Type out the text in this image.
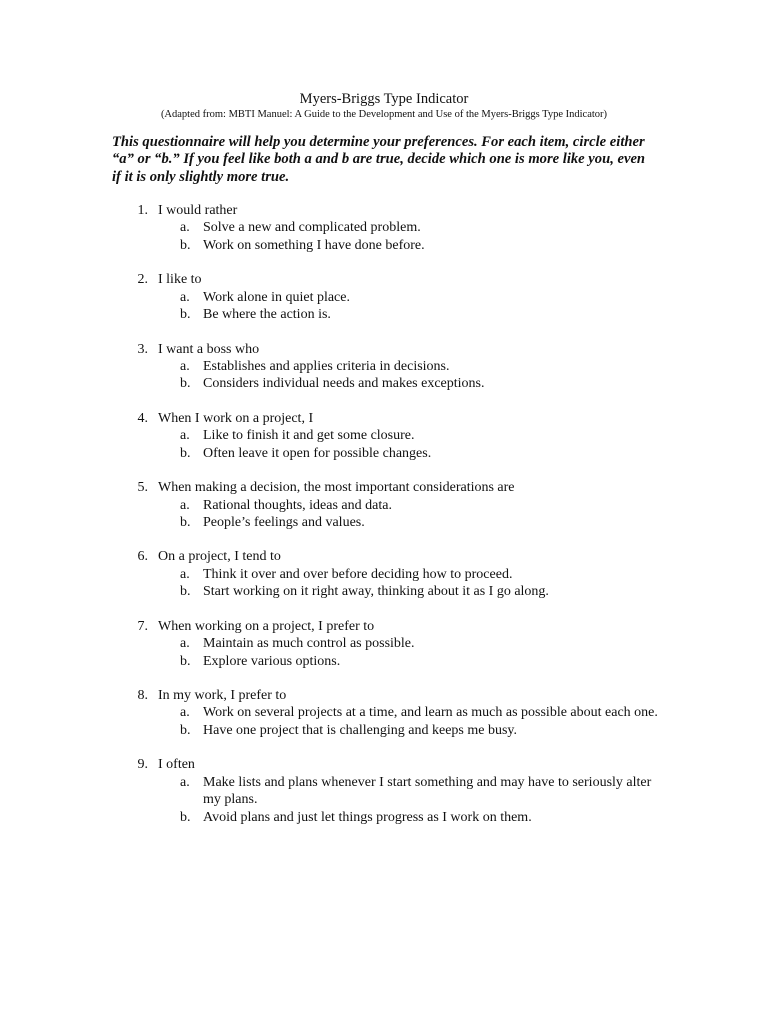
Myers-Briggs Type Indicator
(Adapted from: MBTI Manuel: A Guide to the Development and Use of the Myers-Briggs Type Indicator)
This questionnaire will help you determine your preferences. For each item, circle either “a” or “b.” If you feel like both a and b are true, decide which one is more like you, even if it is only slightly more true.
1. I would rather
a. Solve a new and complicated problem.
b. Work on something I have done before.
2. I like to
a. Work alone in quiet place.
b. Be where the action is.
3. I want a boss who
a. Establishes and applies criteria in decisions.
b. Considers individual needs and makes exceptions.
4. When I work on a project, I
a. Like to finish it and get some closure.
b. Often leave it open for possible changes.
5. When making a decision, the most important considerations are
a. Rational thoughts, ideas and data.
b. People’s feelings and values.
6. On a project, I tend to
a. Think it over and over before deciding how to proceed.
b. Start working on it right away, thinking about it as I go along.
7. When working on a project, I prefer to
a. Maintain as much control as possible.
b. Explore various options.
8. In my work, I prefer to
a. Work on several projects at a time, and learn as much as possible about each one.
b. Have one project that is challenging and keeps me busy.
9. I often
a. Make lists and plans whenever I start something and may have to seriously alter my plans.
b. Avoid plans and just let things progress as I work on them.
